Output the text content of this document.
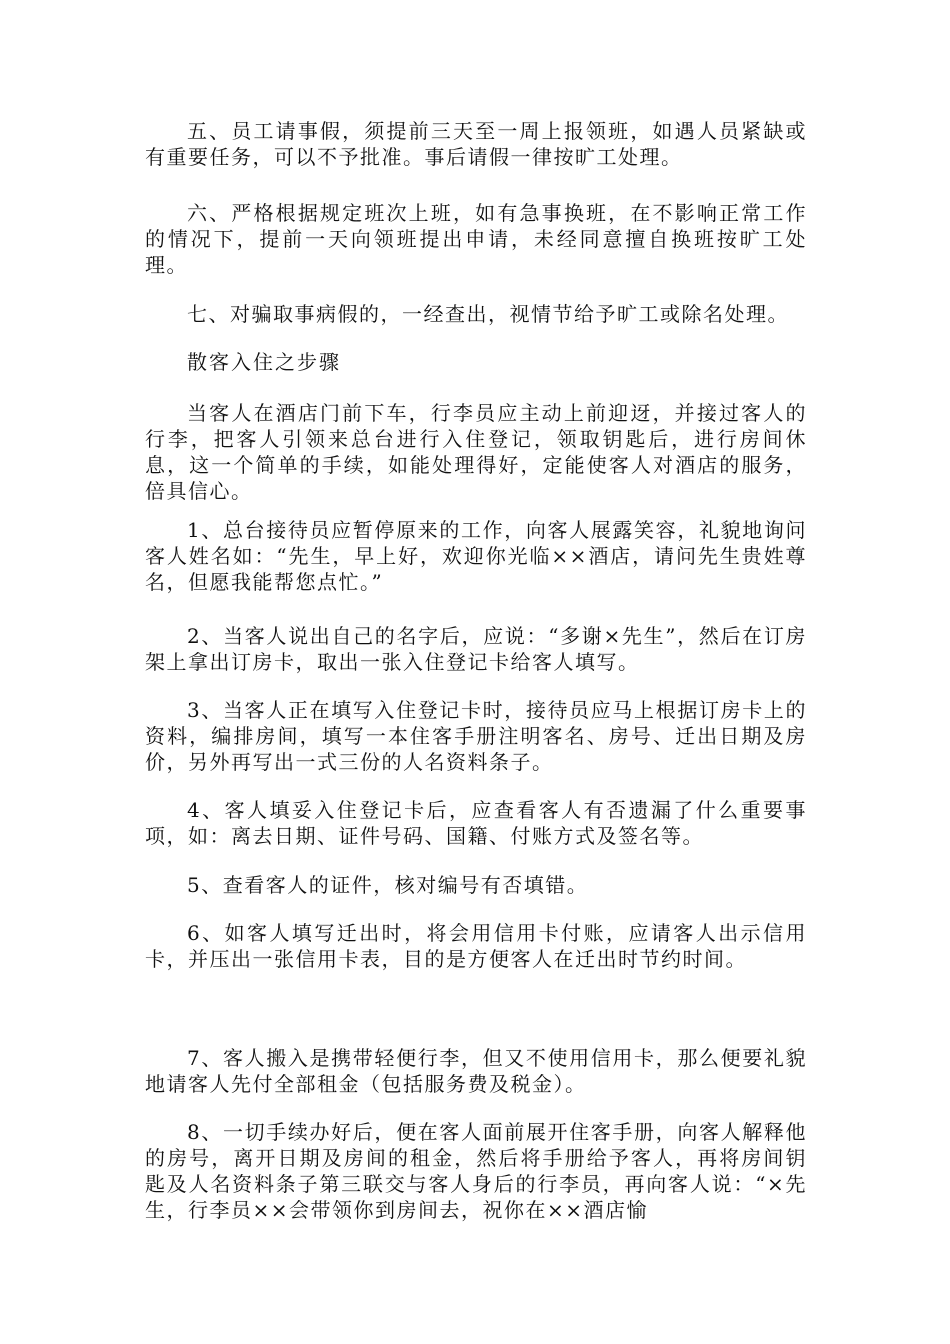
五、员工请事假，须提前三天至一周上报领班，如遇人员紧缺或有重要任务，可以不予批准。事后请假一律按旷工处理。

六、严格根据规定班次上班，如有急事换班，在不影响正常工作的情况下，提前一天向领班提出申请，未经同意擅自换班按旷工处理。

七、对骗取事病假的，一经查出，视情节给予旷工或除名处理。

散客入住之步骤

当客人在酒店门前下车，行李员应主动上前迎迓，并接过客人的行李，把客人引领来总台进行入住登记，领取钥匙后，进行房间休息，这一个简单的手续，如能处理得好，定能使客人对酒店的服务，倍具信心。

1、总台接待员应暂停原来的工作，向客人展露笑容，礼貌地询问客人姓名如：“先生，早上好，欢迎你光临××酒店，请问先生贵姓尊名，但愿我能帮您点忙。”

2、当客人说出自己的名字后，应说：“多谢×先生”，然后在订房架上拿出订房卡，取出一张入住登记卡给客人填写。

3、当客人正在填写入住登记卡时，接待员应马上根据订房卡上的资料，编排房间，填写一本住客手册注明客名、房号、迁出日期及房价，另外再写出一式三份的人名资料条子。

4、客人填妥入住登记卡后，应查看客人有否遗漏了什么重要事项，如：离去日期、证件号码、国籍、付账方式及签名等。

5、查看客人的证件，核对编号有否填错。

6、如客人填写迁出时，将会用信用卡付账，应请客人出示信用卡，并压出一张信用卡表，目的是方便客人在迁出时节约时间。

7、客人搬入是携带轻便行李，但又不使用信用卡，那么便要礼貌地请客人先付全部租金（包括服务费及税金）。

8、一切手续办好后，便在客人面前展开住客手册，向客人解释他的房号，离开日期及房间的租金，然后将手册给予客人，再将房间钥匙及人名资料条子第三联交与客人身后的行李员，再向客人说：“×先生，行李员××会带领你到房间去，祝你在××酒店愉
